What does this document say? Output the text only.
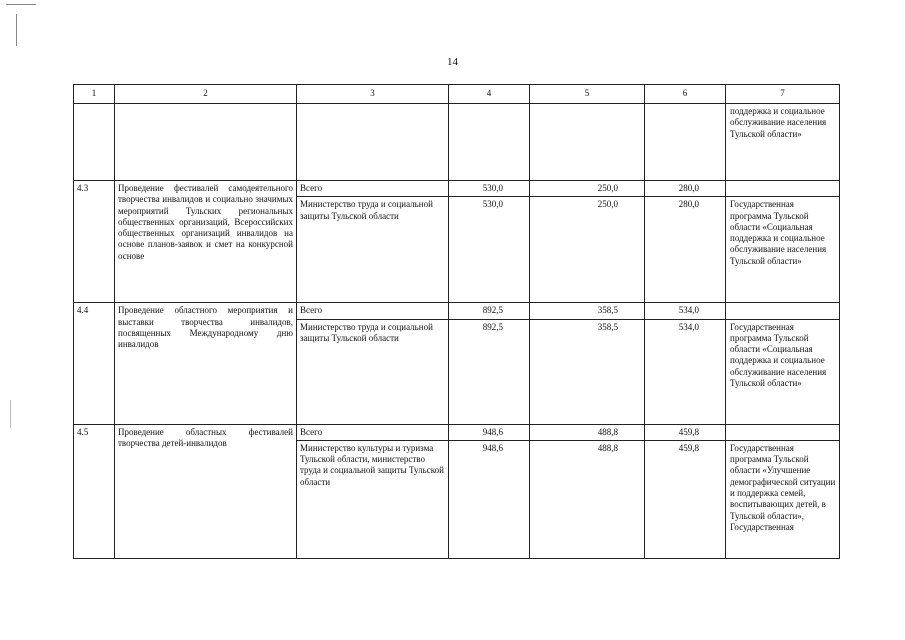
14
1	2	3	4	5	6	7
						поддержка и социальное обслуживание населения Тульской области»
4.3	Проведение фестивалей самодеятельного творчества инвалидов и социально значимых мероприятий Тульских региональных общественных организаций, Всероссийских общественных организаций инвалидов на основе планов-заявок и смет на конкурсной основе	Всего	530,0	250,0	280,0	
		Министерство труда и социальной защиты Тульской области	530,0	250,0	280,0	Государственная программа Тульской области «Социальная поддержка и социальное обслуживание населения Тульской области»
4.4	Проведение областного мероприятия и выставки творчества инвалидов, посвященных Международному дню инвалидов	Всего	892,5	358,5	534,0	
		Министерство труда и социальной защиты Тульской области	892,5	358,5	534,0	Государственная программа Тульской области «Социальная поддержка и социальное обслуживание населения Тульской области»
4.5	Проведение областных фестивалей творчества детей-инвалидов	Всего	948,6	488,8	459,8	
		Министерство культуры и туризма Тульской области, министерство труда и социальной защиты Тульской области	948,6	488,8	459,8	Государственная программа Тульской области «Улучшение демографической ситуации и поддержка семей, воспитывающих детей, в Тульской области», Государственная
